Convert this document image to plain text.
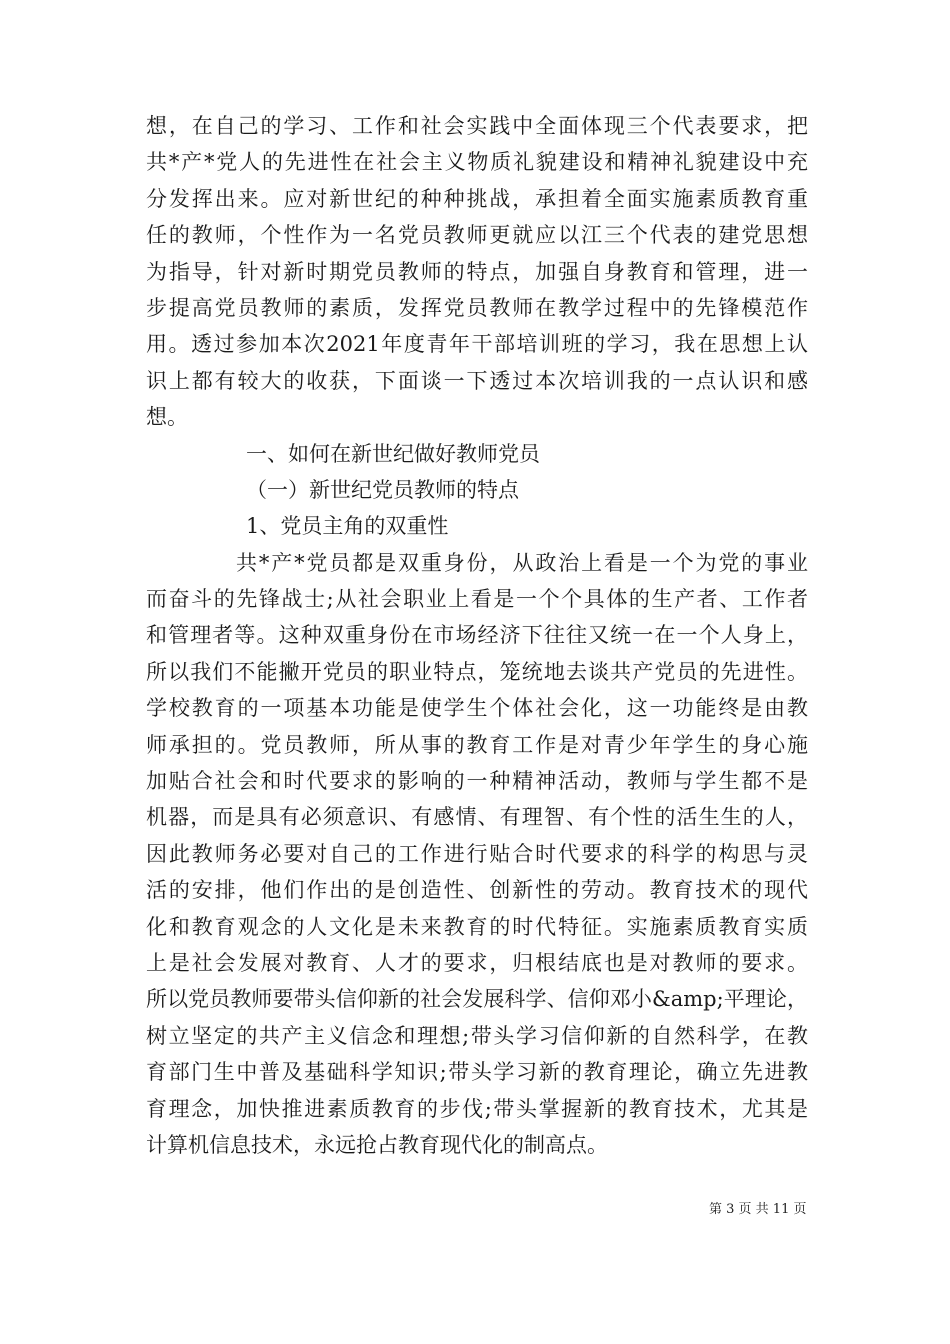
想，在自己的学习、工作和社会实践中全面体现三个代表要求，把
共*产*党人的先进性在社会主义物质礼貌建设和精神礼貌建设中充
分发挥出来。应对新世纪的种种挑战，承担着全面实施素质教育重
任的教师，个性作为一名党员教师更就应以江三个代表的建党思想
为指导，针对新时期党员教师的特点，加强自身教育和管理，进一
步提高党员教师的素质，发挥党员教师在教学过程中的先锋模范作
用。透过参加本次2021年度青年干部培训班的学习，我在思想上认
识上都有较大的收获，下面谈一下透过本次培训我的一点认识和感
想。
一、如何在新世纪做好教师党员
（一）新世纪党员教师的特点
1、党员主角的双重性
共*产*党员都是双重身份，从政治上看是一个为党的事业
而奋斗的先锋战士;从社会职业上看是一个个具体的生产者、工作者
和管理者等。这种双重身份在市场经济下往往又统一在一个人身上，
所以我们不能撇开党员的职业特点，笼统地去谈共产党员的先进性。
学校教育的一项基本功能是使学生个体社会化，这一功能终是由教
师承担的。党员教师，所从事的教育工作是对青少年学生的身心施
加贴合社会和时代要求的影响的一种精神活动，教师与学生都不是
机器，而是具有必须意识、有感情、有理智、有个性的活生生的人，
因此教师务必要对自己的工作进行贴合时代要求的科学的构思与灵
活的安排，他们作出的是创造性、创新性的劳动。教育技术的现代
化和教育观念的人文化是未来教育的时代特征。实施素质教育实质
上是社会发展对教育、人才的要求，归根结底也是对教师的要求。
所以党员教师要带头信仰新的社会发展科学、信仰邓小&amp;平理论，
树立坚定的共产主义信念和理想;带头学习信仰新的自然科学，在教
育部门生中普及基础科学知识;带头学习新的教育理论，确立先进教
育理念，加快推进素质教育的步伐;带头掌握新的教育技术，尤其是
计算机信息技术，永远抢占教育现代化的制高点。
第 3 页 共 11 页
